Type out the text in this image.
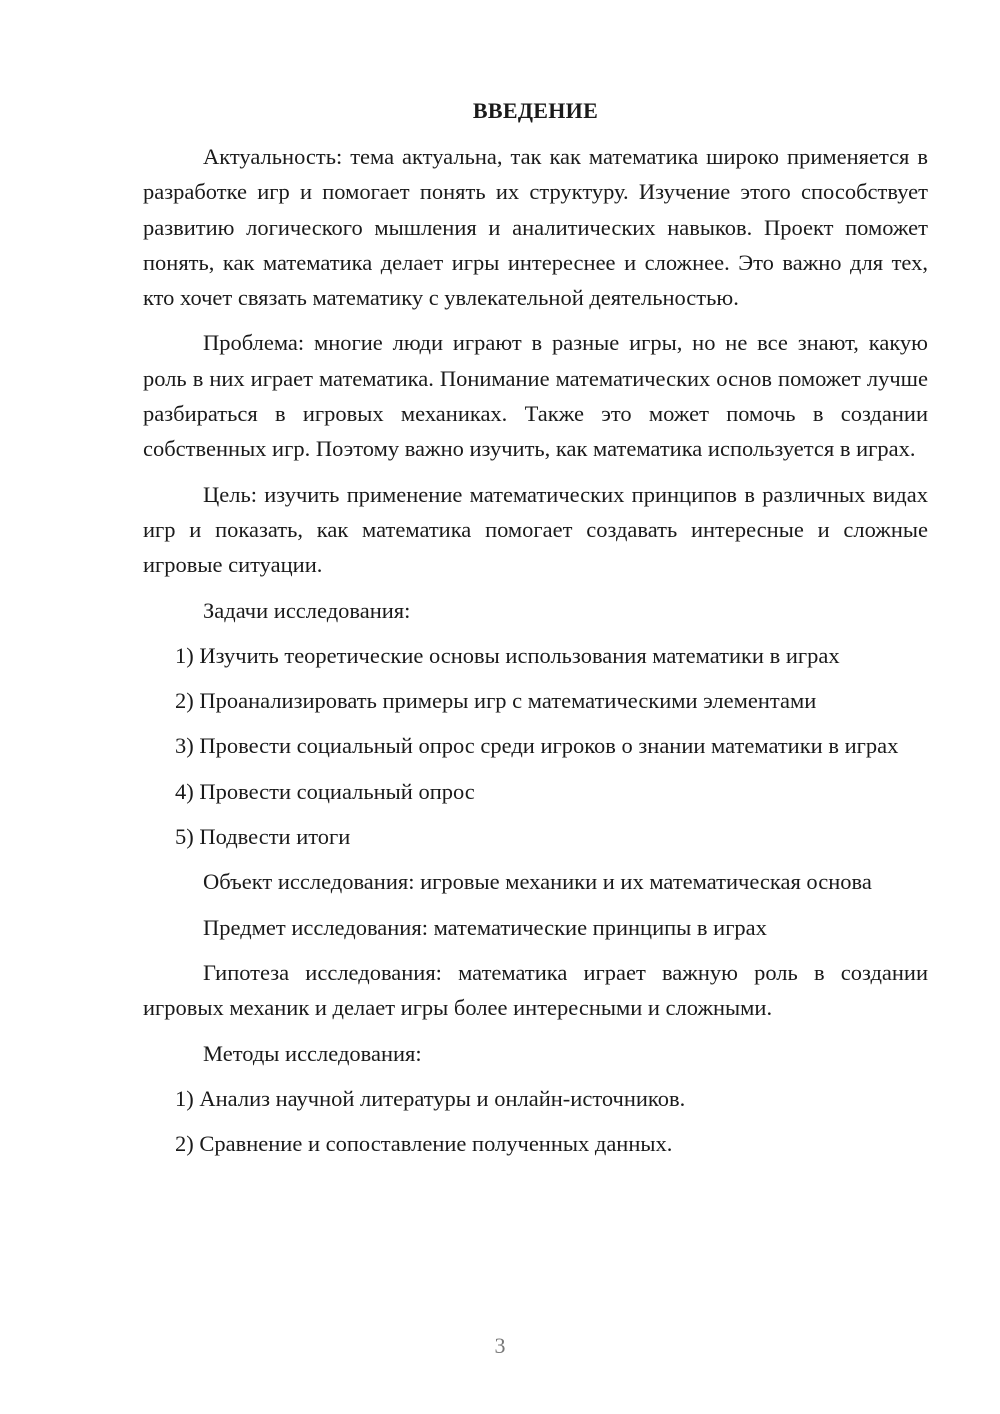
ВВЕДЕНИЕ

Актуальность: тема актуальна, так как математика широко применяется в разработке игр и помогает понять их структуру. Изучение этого способствует развитию логического мышления и аналитических навыков. Проект поможет понять, как математика делает игры интереснее и сложнее. Это важно для тех, кто хочет связать математику с увлекательной деятельностью.

Проблема: многие люди играют в разные игры, но не все знают, какую роль в них играет математика. Понимание математических основ поможет лучше разбираться в игровых механиках. Также это может помочь в создании собственных игр. Поэтому важно изучить, как математика используется в играх.

Цель: изучить применение математических принципов в различных видах игр и показать, как математика помогает создавать интересные и сложные игровые ситуации.

Задачи исследования:

1) Изучить теоретические основы использования математики в играх

2) Проанализировать примеры игр с математическими элементами

3) Провести социальный опрос среди игроков о знании математики в играх

4) Провести социальный опрос

5) Подвести итоги

Объект исследования: игровые механики и их математическая основа

Предмет исследования: математические принципы в играх

Гипотеза исследования: математика играет важную роль в создании игровых механик и делает игры более интересными и сложными.

Методы исследования:

1) Анализ научной литературы и онлайн-источников.

2) Сравнение и сопоставление полученных данных.

3
